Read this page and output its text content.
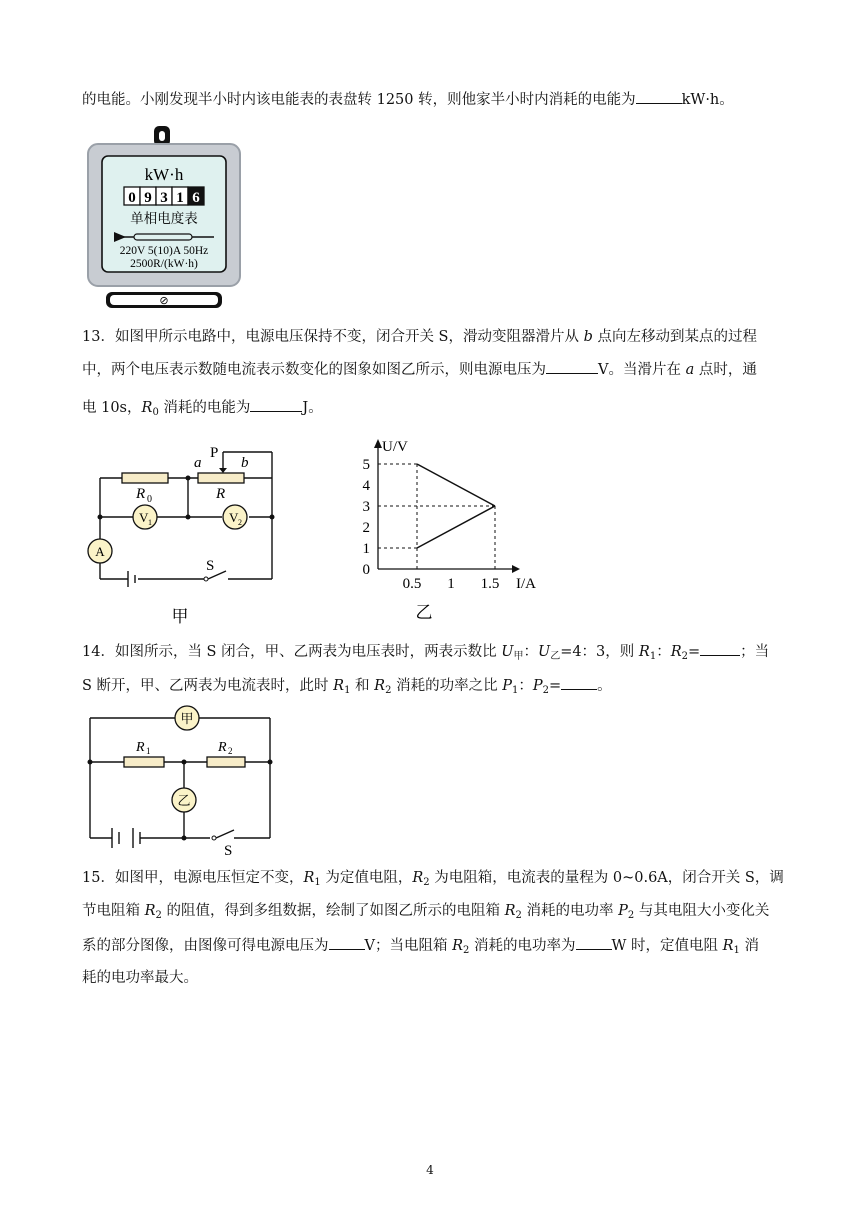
的电能。小刚发现半小时内该电能表的表盘转 1250 转，则他家半小时内消耗的电能为	kW·h。
kW·h
0 9 3 1 6
单相电度表
220V 5(10)A 50Hz
2500R/(kW·h)
⊘
13．如图甲所示电路中，电源电压保持不变，闭合开关 S，滑动变阻器滑片从 b 点向左移动到某点的过程
中，两个电压表示数随电流表示数变化的图象如图乙所示，则电源电压为	V。当滑片在 a 点时，通
电 10s，$R_0$ 消耗的电能为	J。
P
a	b
R 0	R
V 1	V 2
A
S
甲
U/V
I/A
0
1
2
3
4
5
0.5 1 1.5
乙
14．如图所示，当 S 闭合，甲、乙两表为电压表时，两表示数比 $U_甲$：$U_乙=4$：3，则 $R_1$：$R_2=$	；当
S 断开，甲、乙两表为电流表时，此时 $R_1$ 和 $R_2$ 消耗的功率之比 $P_1$：$P_2=$ 。
甲
乙
R 1	R 2
S
15．如图甲，电源电压恒定不变，$R_1$ 为定值电阻，$R_2$ 为电阻箱，电流表的量程为 0~0.6A，闭合开关 S，调
节电阻箱 $R_2$ 的阻值，得到多组数据，绘制了如图乙所示的电阻箱 $R_2$ 消耗的电功率 $P_2$ 与其电阻大小变化关
系的部分图像，由图像可得电源电压为 V；当电阻箱 $R_2$ 消耗的电功率为 W 时，定值电阻 $R_1$ 消
耗的电功率最大。
4
